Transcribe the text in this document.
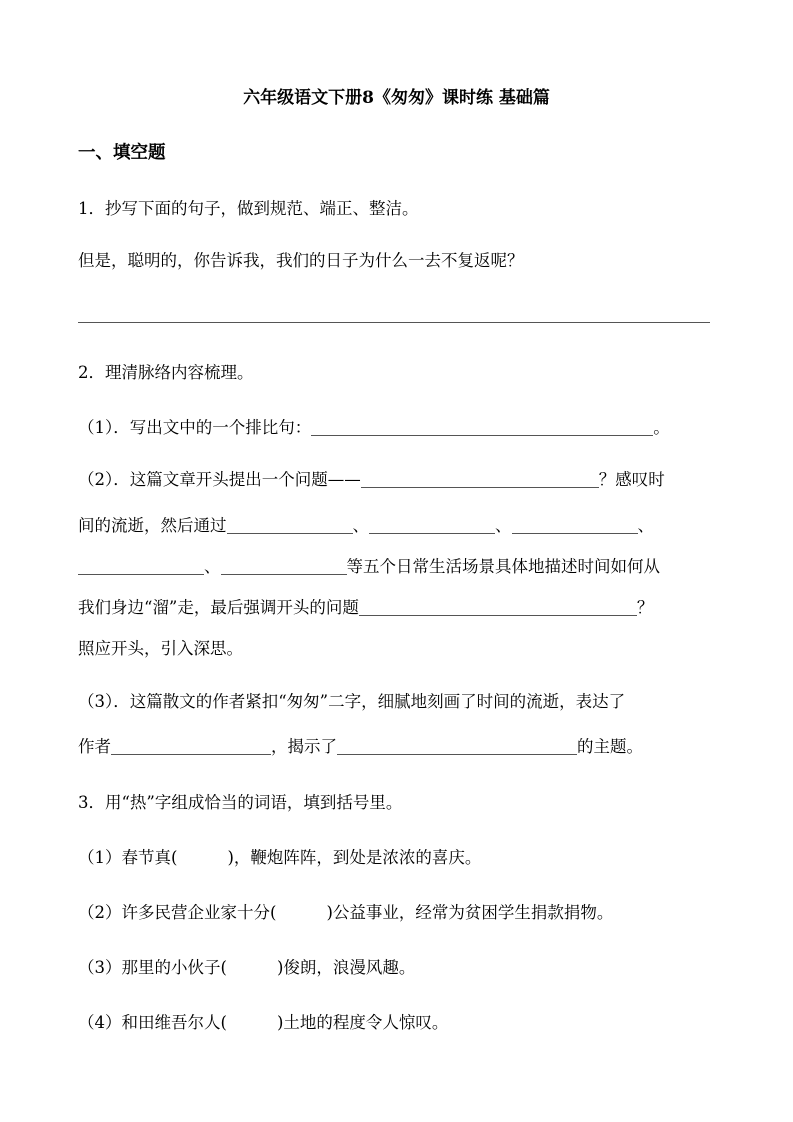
六年级语文下册8《匆匆》课时练 基础篇
一、填空题
1．抄写下面的句子，做到规范、端正、整洁。
但是，聪明的，你告诉我，我们的日子为什么一去不复返呢？
2．理清脉络内容梳理。
（1）．写出文中的一个排比句：	。
（2）．这篇文章开头提出一个问题——	？感叹时
间的流逝，然后通过	、	、	、
、	等五个日常生活场景具体地描述时间如何从
我们身边“溜”走，最后强调开头的问题	？
照应开头，引入深思。
（3）．这篇散文的作者紧扣“匆匆”二字，细腻地刻画了时间的流逝，表达了
作者	，揭示了	的主题。
3．用“热”字组成恰当的词语，填到括号里。
（1）春节真(	)，鞭炮阵阵，到处是浓浓的喜庆。
（2）许多民营企业家十分(	)公益事业，经常为贫困学生捐款捐物。
（3）那里的小伙子(	)俊朗，浪漫风趣。
（4）和田维吾尔人(	)土地的程度令人惊叹。
